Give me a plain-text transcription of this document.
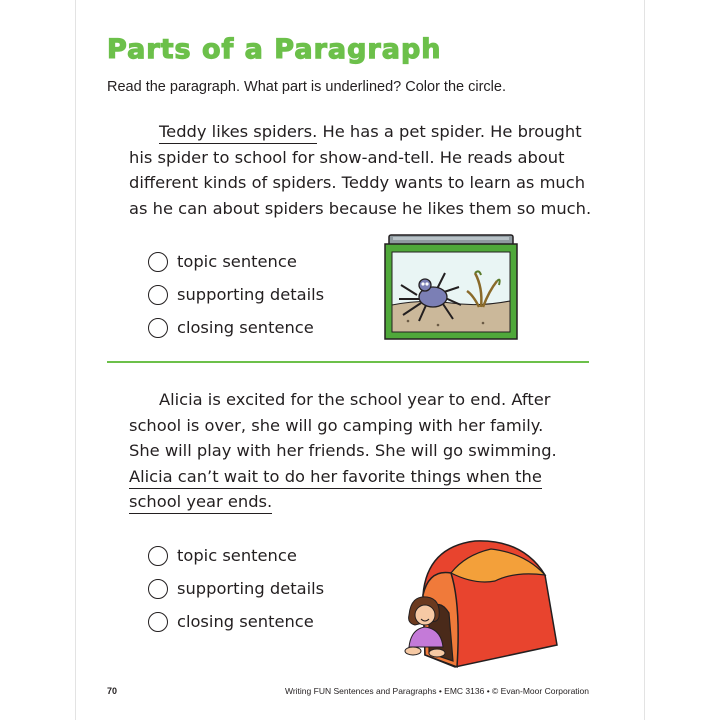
Parts of a Paragraph
Read the paragraph. What part is underlined? Color the circle.
Teddy likes spiders. He has a pet spider. He brought
his spider to school for show-and-tell. He reads about
different kinds of spiders. Teddy wants to learn as much
as he can about spiders because he likes them so much.
topic sentence
supporting details
closing sentence
Alicia is excited for the school year to end. After
school is over, she will go camping with her family.
She will play with her friends. She will go swimming.
Alicia can’t wait to do her favorite things when the
school year ends.
topic sentence
supporting details
closing sentence
70	Writing FUN Sentences and Paragraphs • EMC 3136 • © Evan-Moor Corporation
